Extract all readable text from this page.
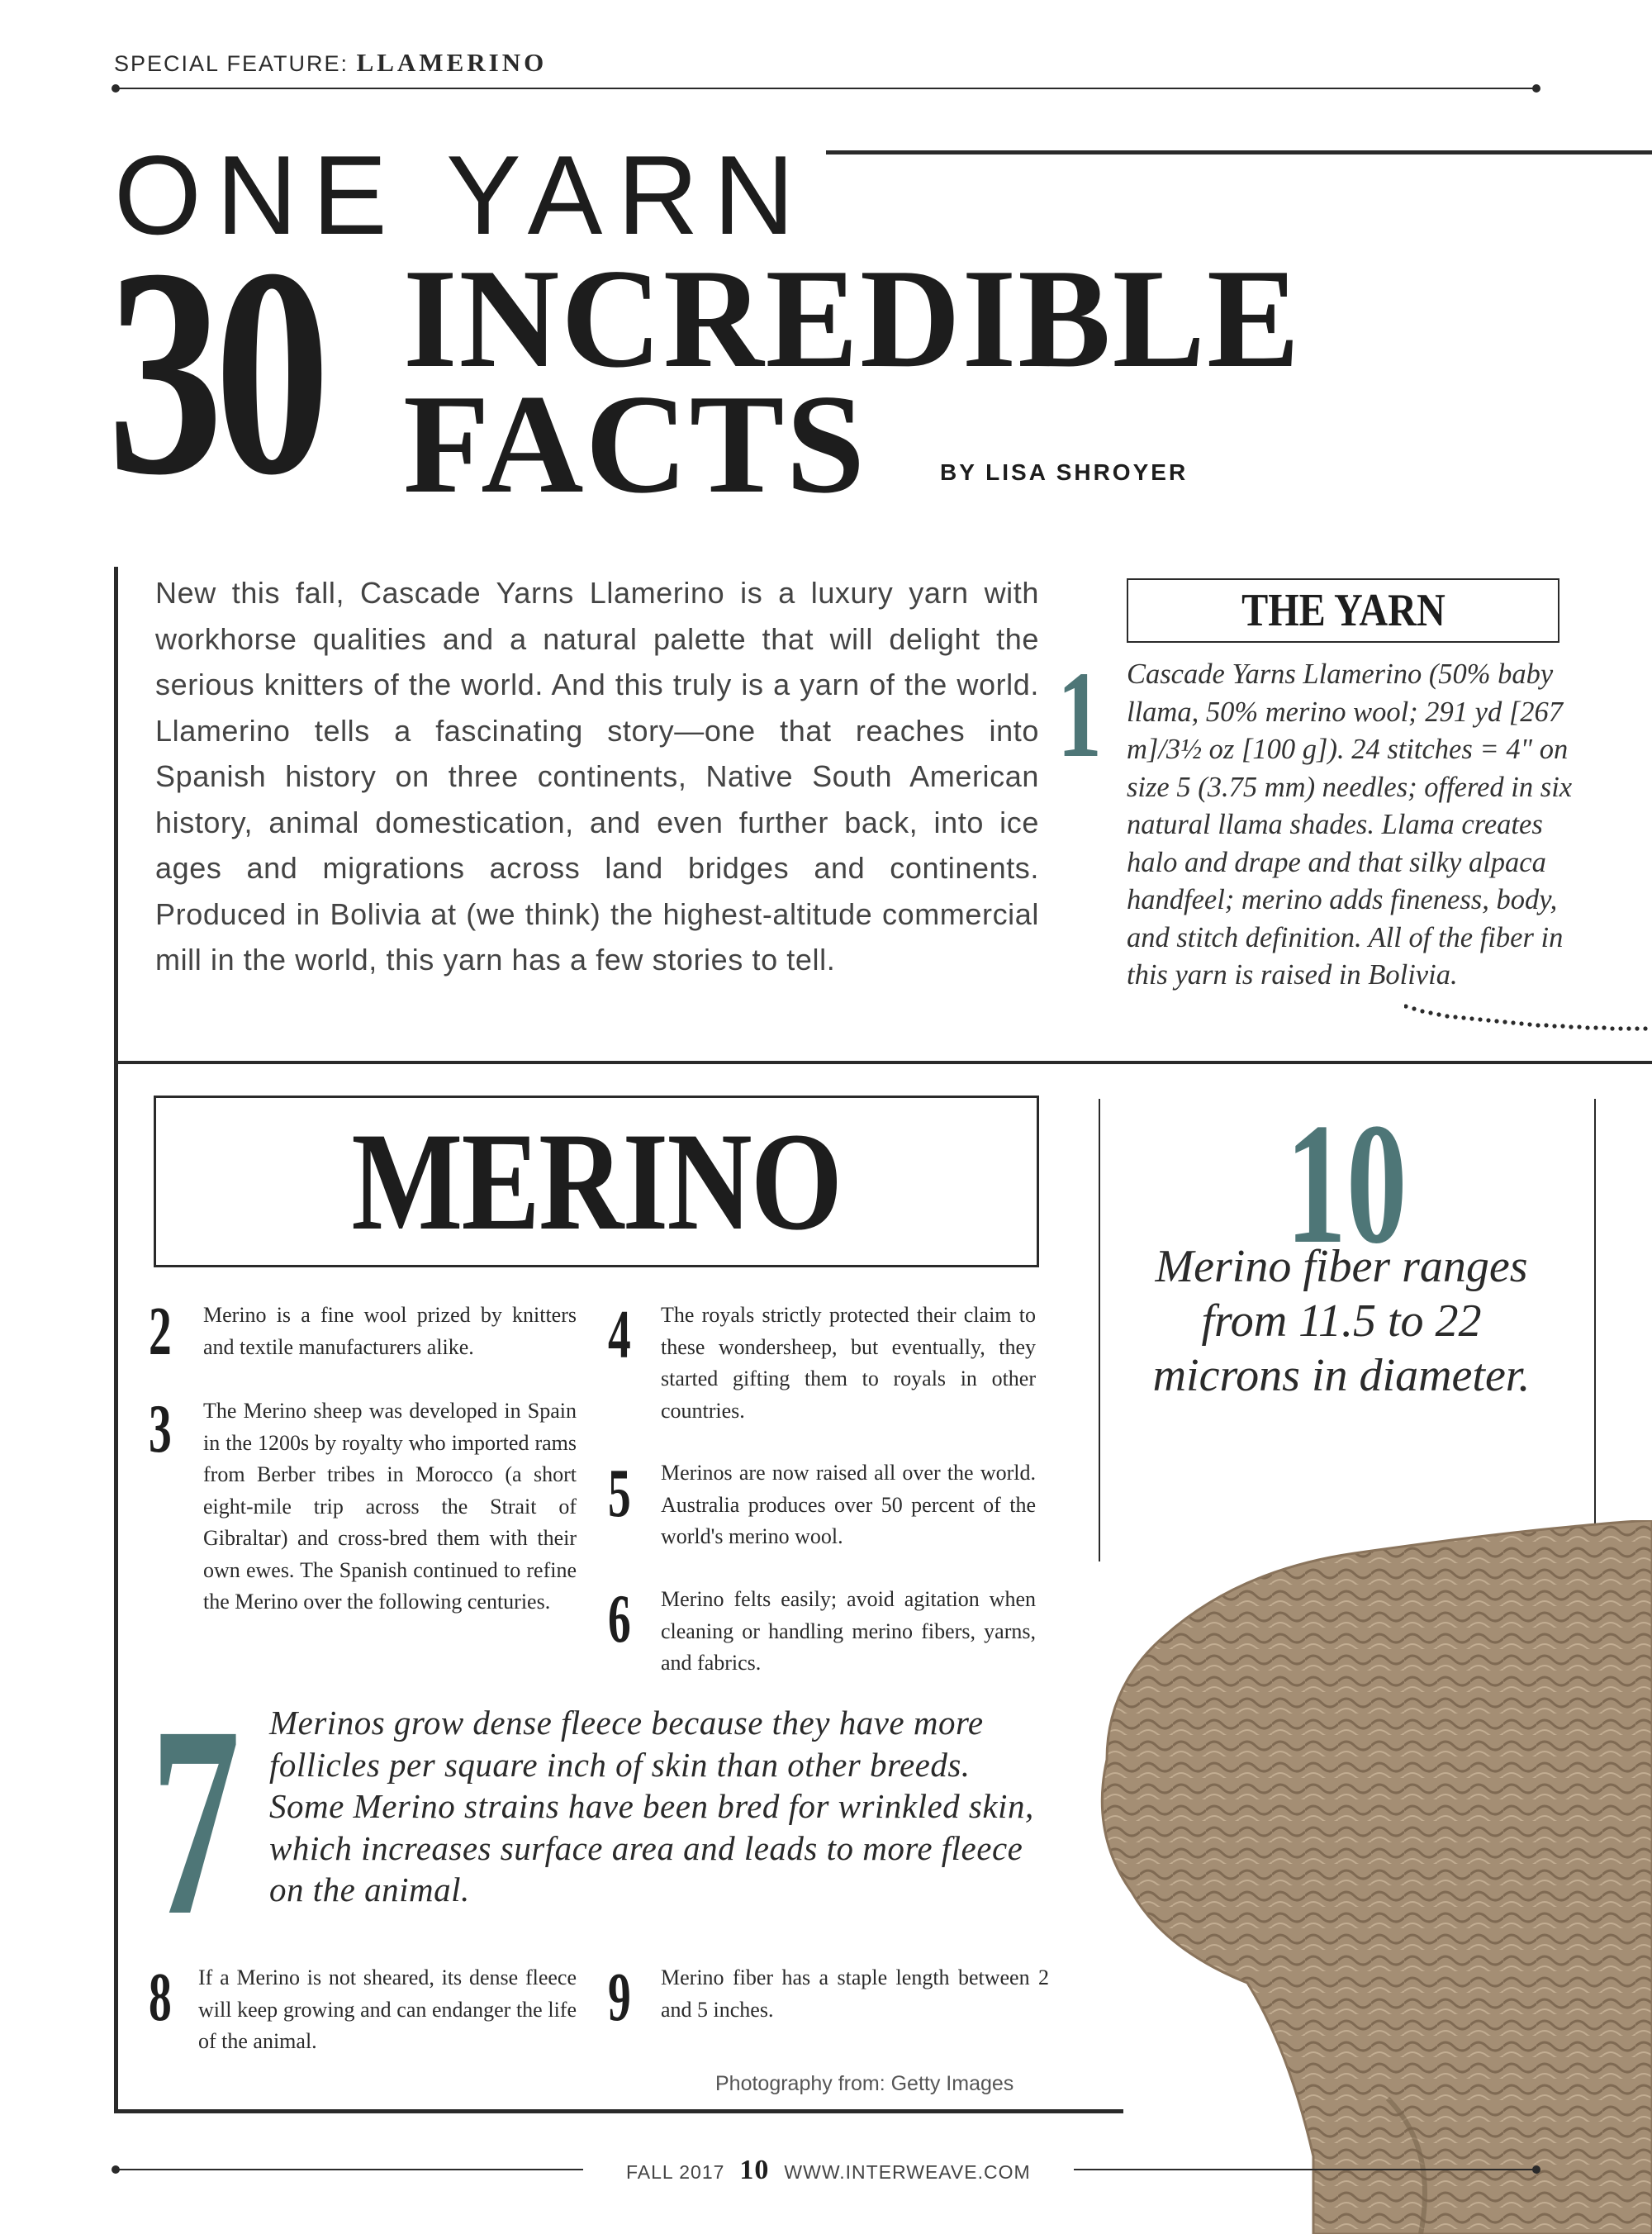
SPECIAL FEATURE: LLAMERINO
ONE YARN
30 INCREDIBLE
FACTS	BY LISA SHROYER
New this fall, Cascade Yarns Llamerino is a luxury yarn with workhorse qualities and a natural palette that will delight the serious knitters of the world. And this truly is a yarn of the world. Llamerino tells a fascinating story—one that reaches into Spanish history on three continents, Native South American history, animal domestication, and even further back, into ice ages and migrations across land bridges and continents. Produced in Bolivia at (we think) the highest-altitude commercial mill in the world, this yarn has a few stories to tell.
THE YARN
1 Cascade Yarns Llamerino (50% baby llama, 50% merino wool; 291 yd [267 m]/3½ oz [100 g]). 24 stitches = 4" on size 5 (3.75 mm) needles; offered in six natural llama shades. Llama creates halo and drape and that silky alpaca handfeel; merino adds fineness, body, and stitch definition. All of the fiber in this yarn is raised in Bolivia.
MERINO
2 Merino is a fine wool prized by knitters and textile manufacturers alike.
3 The Merino sheep was developed in Spain in the 1200s by royalty who imported rams from Berber tribes in Morocco (a short eight-mile trip across the Strait of Gibraltar) and cross-bred them with their own ewes. The Spanish continued to refine the Merino over the following centuries.
4 The royals strictly protected their claim to these wondersheep, but eventually, they started gifting them to royals in other countries.
5 Merinos are now raised all over the world. Australia produces over 50 percent of the world's merino wool.
6 Merino felts easily; avoid agitation when cleaning or handling merino fibers, yarns, and fabrics.
10
Merino fiber ranges from 11.5 to 22 microns in diameter.
7 Merinos grow dense fleece because they have more follicles per square inch of skin than other breeds. Some Merino strains have been bred for wrinkled skin, which increases surface area and leads to more fleece on the animal.
8 If a Merino is not sheared, its dense fleece will keep growing and can endanger the life of the animal.
9 Merino fiber has a staple length between 2 and 5 inches.
Photography from: Getty Images
FALL 2017 10 WWW.INTERWEAVE.COM
